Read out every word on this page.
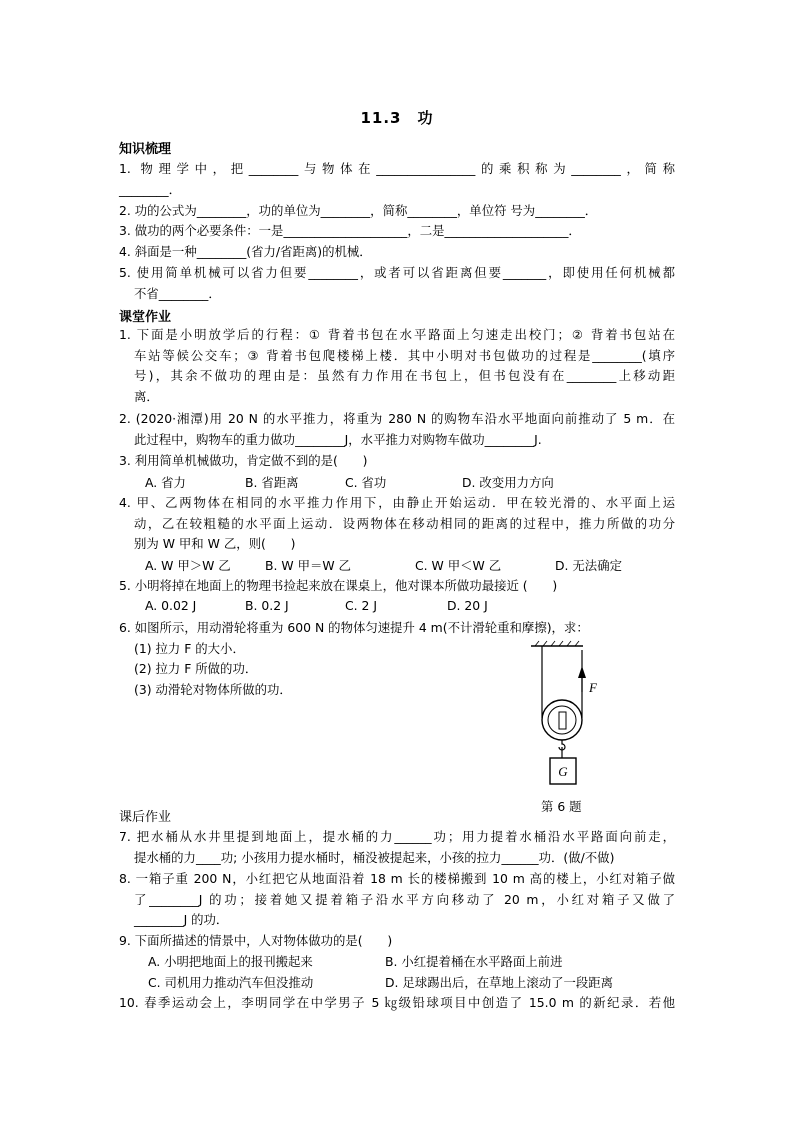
11.3　功
知识梳理
1. 物理学中，把________与物体在________________的乘积称为________，简称
________．
2. 功的公式为________，功的单位为________，简称________，单位符 号为________．
3. 做功的两个必要条件：一是____________________，二是____________________．
4. 斜面是一种________(省力/省距离)的机械．
5. 使用简单机械可以省力但要________，或者可以省距离但要_______，即使用任何机械都
不省________．
课堂作业
1. 下面是小明放学后的行程：① 背着书包在水平路面上匀速走出校门；② 背着书包站在
车站等候公交车；③ 背着书包爬楼梯上楼．其中小明对书包做功的过程是________(填序
号)，其余不做功的理由是：虽然有力作用在书包上，但书包没有在________上移动距
离．
2. (2020·湘潭)用 20 N 的水平推力，将重为 280 N 的购物车沿水平地面向前推动了 5 m．在
此过程中，购物车的重力做功________J，水平推力对购物车做功________J.
3. 利用简单机械做功，肯定做不到的是(　　)
A. 省力	B. 省距离	C. 省功	D. 改变用力方向
4. 甲、乙两物体在相同的水平推力作用下，由静止开始运动．甲在较光滑的、水平面上运
动，乙在较粗糙的水平面上运动．设两物体在移动相同的距离的过程中，推力所做的功分
别为 W 甲和 W 乙，则(　　)
A. W 甲＞W 乙	B. W 甲＝W 乙	C. W 甲＜W 乙	D. 无法确定
5. 小明将掉在地面上的物理书捡起来放在课桌上，他对课本所做功最接近 (　　)
A. 0.02 J	B. 0.2 J	C. 2 J	D. 20 J
6. 如图所示，用动滑轮将重为 600 N 的物体匀速提升 4 m(不计滑轮重和摩擦)，求：
(1) 拉力 F 的大小．
(2) 拉力 F 所做的功．
(3) 动滑轮对物体所做的功．
G
F
第 6 题
课后作业
7. 把水桶从水井里提到地面上，提水桶的力______功；用力提着水桶沿水平路面向前走，
提水桶的力____功; 小孩用力提水桶时，桶没被提起来，小孩的拉力______功．(做/不做)
8. 一箱子重 200 N，小红把它从地面沿着 18 m 长的楼梯搬到 10 m 高的楼上，小红对箱子做
了________J 的功；接着她又提着箱子沿水平方向移动了 20 m，小红对箱子又做了
________J 的功．
9. 下面所描述的情景中，人对物体做功的是(　　)
A. 小明把地面上的报刊搬起来	B. 小红提着桶在水平路面上前进
C. 司机用力推动汽车但没推动	D. 足球踢出后，在草地上滚动了一段距离
10. 春季运动会上，李明同学在中学男子 5 ㎏级铅球项目中创造了 15.0 m 的新纪录．若他
